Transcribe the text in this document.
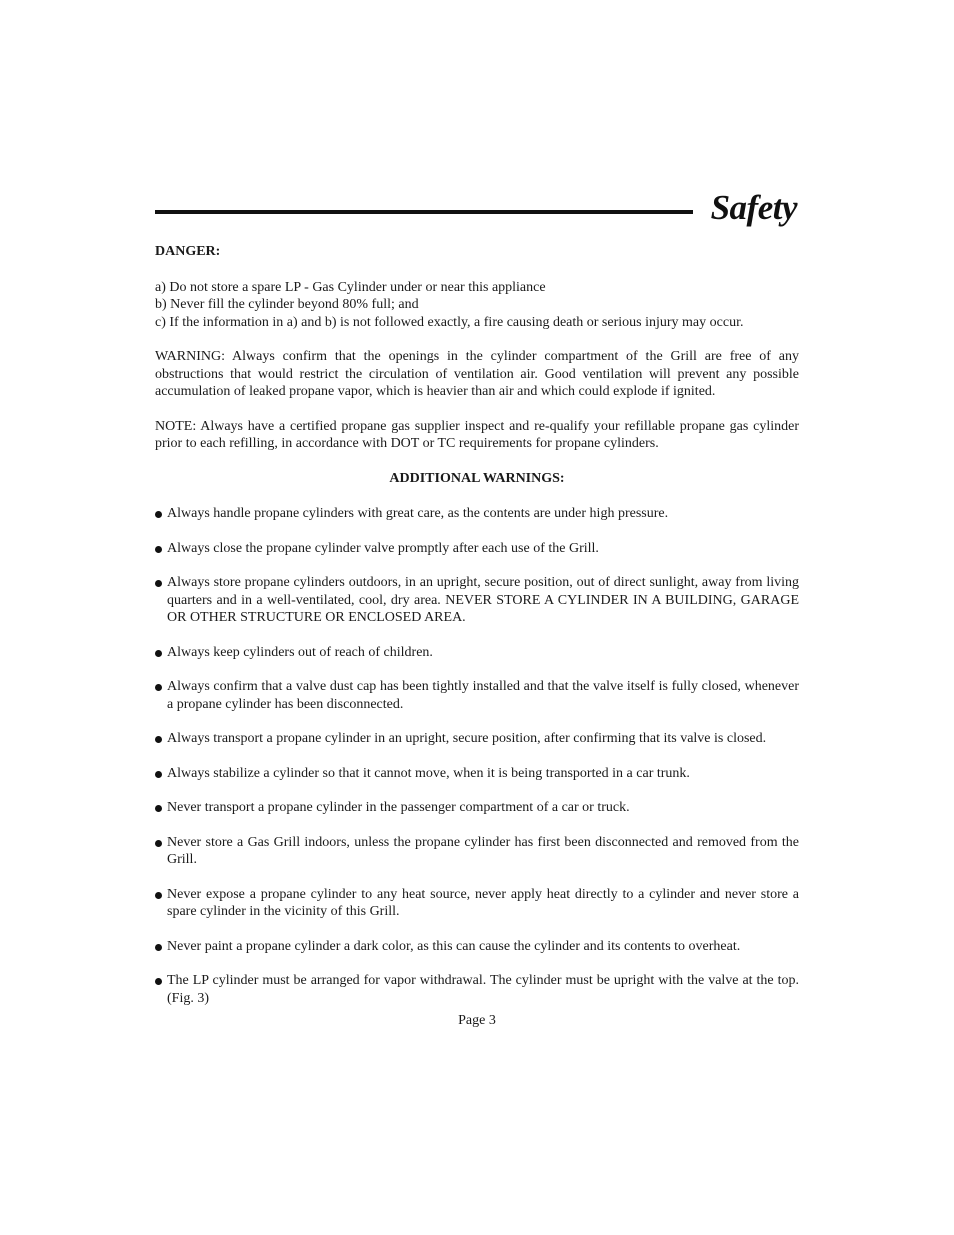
Safety
DANGER:
a) Do not store a spare LP - Gas Cylinder under or near this appliance
b) Never fill the cylinder beyond 80% full; and
c) If the information in a) and b) is not followed exactly, a fire causing death or serious injury may occur.
WARNING: Always confirm that the openings in the cylinder compartment of the Grill are free of any obstructions that would restrict the circulation of ventilation air. Good ventilation will prevent any possible accumulation of leaked propane vapor, which is heavier than air and which could explode if ignited.
NOTE: Always have a certified propane gas supplier inspect and re-qualify your refillable propane gas cylinder prior to each refilling, in accordance with DOT or TC requirements for propane cylinders.
ADDITIONAL WARNINGS:
Always handle propane cylinders with great care, as the contents are under high pressure.
Always close the propane cylinder valve promptly after each use of the Grill.
Always store propane cylinders outdoors, in an upright, secure position, out of direct sunlight, away from living quarters and in a well-ventilated, cool, dry area. NEVER STORE A CYLINDER IN A BUILDING, GARAGE OR OTHER STRUCTURE OR ENCLOSED AREA.
Always keep cylinders out of reach of children.
Always confirm that a valve dust cap has been tightly installed and that the valve itself is fully closed, whenever a propane cylinder has been disconnected.
Always transport a propane cylinder in an upright, secure position, after confirming that its valve is closed.
Always stabilize a cylinder so that it cannot move, when it is being transported in a car trunk.
Never transport a propane cylinder in the passenger compartment of a car or truck.
Never store a Gas Grill indoors, unless the propane cylinder has first been disconnected and removed from the Grill.
Never expose a propane cylinder to any heat source, never apply heat directly to a cylinder and never store a spare cylinder in the vicinity of this Grill.
Never paint a propane cylinder a dark color, as this can cause the cylinder and its contents to overheat.
The LP cylinder must be arranged for vapor withdrawal. The cylinder must be upright with the valve at the top. (Fig. 3)
Page 3
